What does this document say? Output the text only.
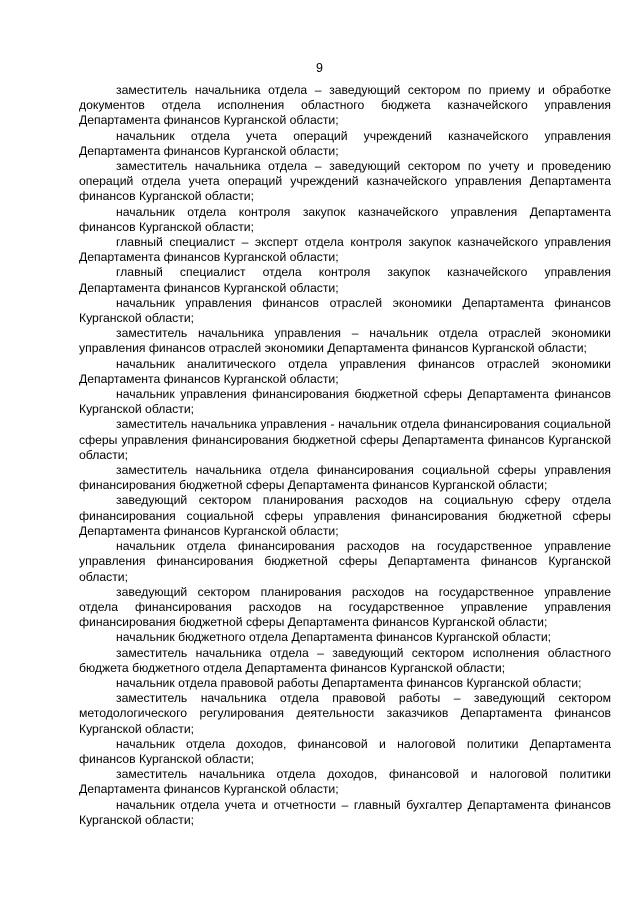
9

заместитель начальника отдела – заведующий сектором по приему и обработке документов отдела исполнения областного бюджета казначейского управления Департамента финансов Курганской области;

начальник отдела учета операций учреждений казначейского управления Департамента финансов Курганской области;

заместитель начальника отдела – заведующий сектором по учету и проведению операций отдела учета операций учреждений казначейского управления Департамента финансов Курганской области;

начальник отдела контроля закупок казначейского управления Департамента финансов Курганской области;

главный специалист – эксперт отдела контроля закупок казначейского управления Департамента финансов Курганской области;

главный специалист отдела контроля закупок казначейского управления Департамента финансов Курганской области;

начальник управления финансов отраслей экономики Департамента финансов Курганской области;

заместитель начальника управления – начальник отдела отраслей экономики управления финансов отраслей экономики Департамента финансов Курганской области;

начальник аналитического отдела управления финансов отраслей экономики Департамента финансов Курганской области;

начальник управления финансирования бюджетной сферы Департамента финансов Курганской области;

заместитель начальника управления - начальник отдела финансирования социальной сферы управления финансирования бюджетной сферы Департамента финансов Курганской области;

заместитель начальника отдела финансирования социальной сферы управления финансирования бюджетной сферы Департамента финансов Курганской области;

заведующий сектором планирования расходов на социальную сферу отдела финансирования социальной сферы управления финансирования бюджетной сферы Департамента финансов Курганской области;

начальник отдела финансирования расходов на государственное управление управления финансирования бюджетной сферы Департамента финансов Курганской области;

заведующий сектором планирования расходов на государственное управление отдела финансирования расходов на государственное управление управления финансирования бюджетной сферы Департамента финансов Курганской области;

начальник бюджетного отдела Департамента финансов Курганской области;

заместитель начальника отдела – заведующий сектором исполнения областного бюджета бюджетного отдела Департамента финансов Курганской области;

начальник отдела правовой работы Департамента финансов Курганской области;

заместитель начальника отдела правовой работы – заведующий сектором методологического регулирования деятельности заказчиков Департамента финансов Курганской области;

начальник отдела доходов, финансовой и налоговой политики Департамента финансов Курганской области;

заместитель начальника отдела доходов, финансовой и налоговой политики Департамента финансов Курганской области;

начальник отдела учета и отчетности – главный бухгалтер Департамента финансов Курганской области;
